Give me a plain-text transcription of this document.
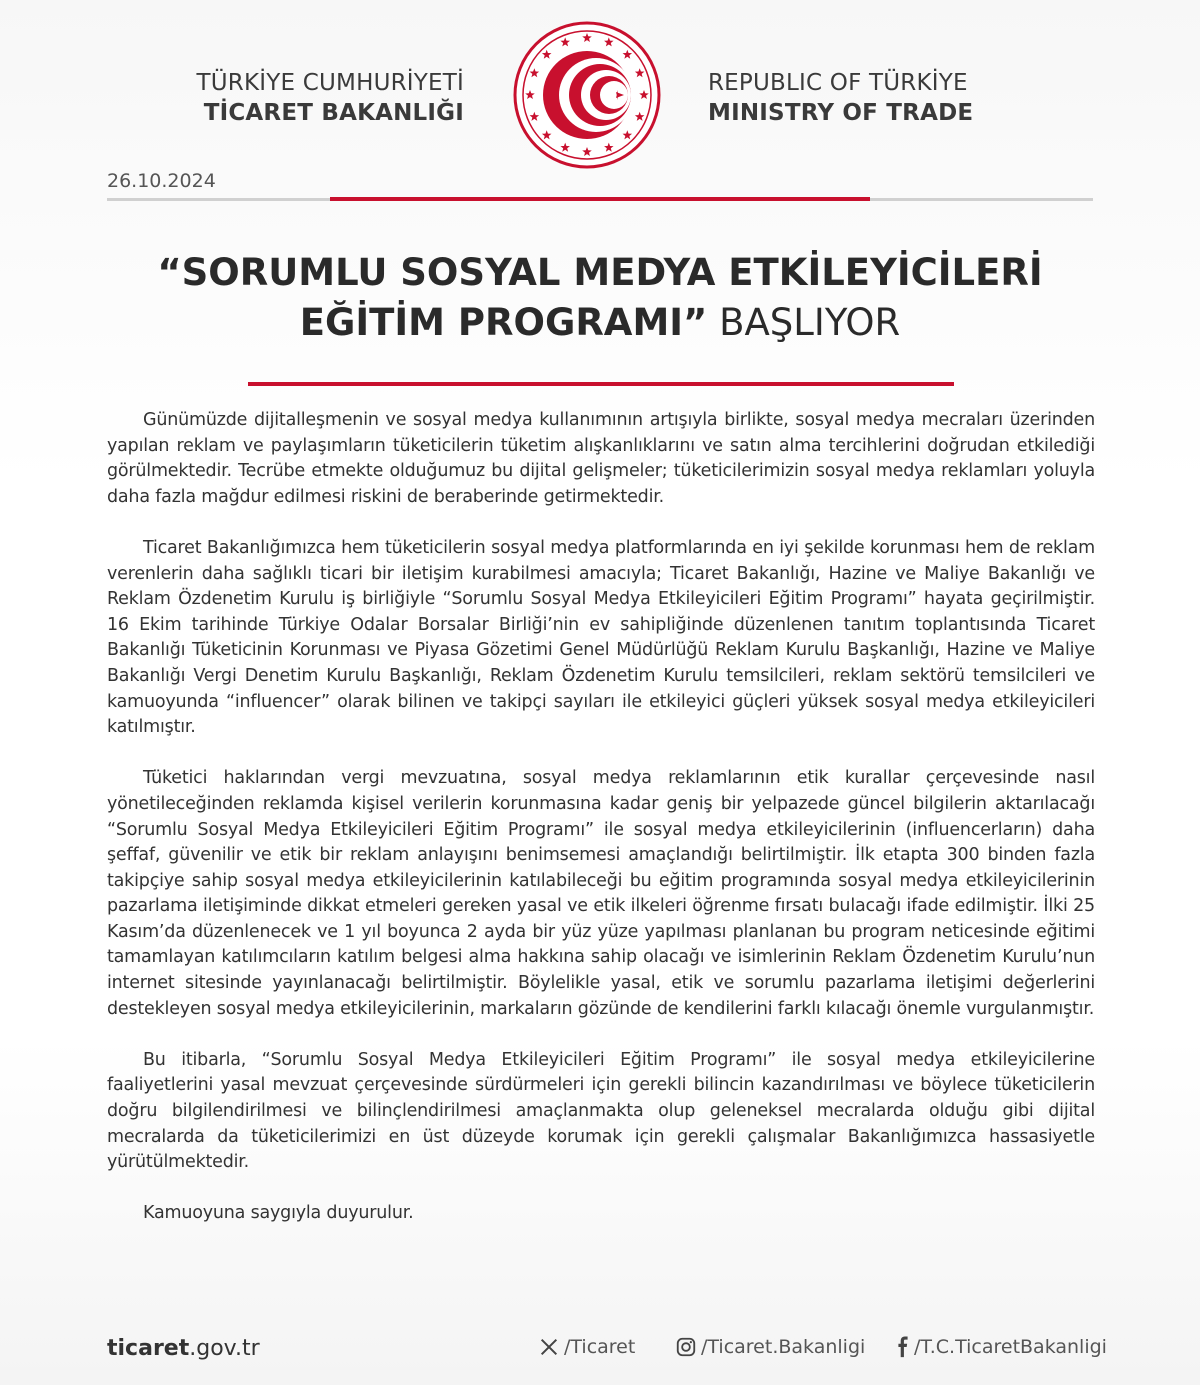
TÜRKİYE CUMHURİYETİ
TİCARET BAKANLIĞI
REPUBLIC OF TÜRKİYE
MINISTRY OF TRADE
26.10.2024
“SORUMLU SOSYAL MEDYA ETKİLEYİCİLERİ
EĞİTİM PROGRAMI” BAŞLIYOR

Günümüzde dijitalleşmenin ve sosyal medya kullanımının artışıyla birlikte, sosyal medya mecraları üzerinden yapılan reklam ve paylaşımların tüketicilerin tüketim alışkanlıklarını ve satın alma tercihlerini doğrudan etkilediği görülmektedir. Tecrübe etmekte olduğumuz bu dijital gelişmeler; tüketicilerimizin sosyal medya reklamları yoluyla daha fazla mağdur edilmesi riskini de beraberinde getirmektedir.

Ticaret Bakanlığımızca hem tüketicilerin sosyal medya platformlarında en iyi şekilde korunması hem de reklam verenlerin daha sağlıklı ticari bir iletişim kurabilmesi amacıyla; Ticaret Bakanlığı, Hazine ve Maliye Bakanlığı ve Reklam Özdenetim Kurulu iş birliğiyle “Sorumlu Sosyal Medya Etkileyicileri Eğitim Programı” hayata geçirilmiştir. 16 Ekim tarihinde Türkiye Odalar Borsalar Birliği’nin ev sahipliğinde düzenlenen tanıtım toplantısında Ticaret Bakanlığı Tüketicinin Korunması ve Piyasa Gözetimi Genel Müdürlüğü Reklam Kurulu Başkanlığı, Hazine ve Maliye Bakanlığı Vergi Denetim Kurulu Başkanlığı, Reklam Özdenetim Kurulu temsilcileri, reklam sektörü temsilcileri ve kamuoyunda “influencer” olarak bilinen ve takipçi sayıları ile etkileyici güçleri yüksek sosyal medya etkileyicileri katılmıştır.

Tüketici haklarından vergi mevzuatına, sosyal medya reklamlarının etik kurallar çerçevesinde nasıl yönetileceğinden reklamda kişisel verilerin korunmasına kadar geniş bir yelpazede güncel bilgilerin aktarılacağı “Sorumlu Sosyal Medya Etkileyicileri Eğitim Programı” ile sosyal medya etkileyicilerinin (influencerların) daha şeffaf, güvenilir ve etik bir reklam anlayışını benimsemesi amaçlandığı belirtilmiştir. İlk etapta 300 binden fazla takipçiye sahip sosyal medya etkileyicilerinin katılabileceği bu eğitim programında sosyal medya etkileyicilerinin pazarlama iletişiminde dikkat etmeleri gereken yasal ve etik ilkeleri öğrenme fırsatı bulacağı ifade edilmiştir. İlki 25 Kasım’da düzenlenecek ve 1 yıl boyunca 2 ayda bir yüz yüze yapılması planlanan bu program neticesinde eğitimi tamamlayan katılımcıların katılım belgesi alma hakkına sahip olacağı ve isimlerinin Reklam Özdenetim Kurulu’nun internet sitesinde yayınlanacağı belirtilmiştir. Böylelikle yasal, etik ve sorumlu pazarlama iletişimi değerlerini destekleyen sosyal medya etkileyicilerinin, markaların gözünde de kendilerini farklı kılacağı önemle vurgulanmıştır.

Bu itibarla, “Sorumlu Sosyal Medya Etkileyicileri Eğitim Programı” ile sosyal medya etkileyicilerine faaliyetlerini yasal mevzuat çerçevesinde sürdürmeleri için gerekli bilincin kazandırılması ve böylece tüketicilerin doğru bilgilendirilmesi ve bilinçlendirilmesi amaçlanmakta olup geleneksel mecralarda olduğu gibi dijital mecralarda da tüketicilerimizi en üst düzeyde korumak için gerekli çalışmalar Bakanlığımızca hassasiyetle yürütülmektedir.

Kamuoyuna saygıyla duyurulur.

ticaret.gov.tr	/Ticaret	/Ticaret.Bakanligi	/T.C.TicaretBakanligi
